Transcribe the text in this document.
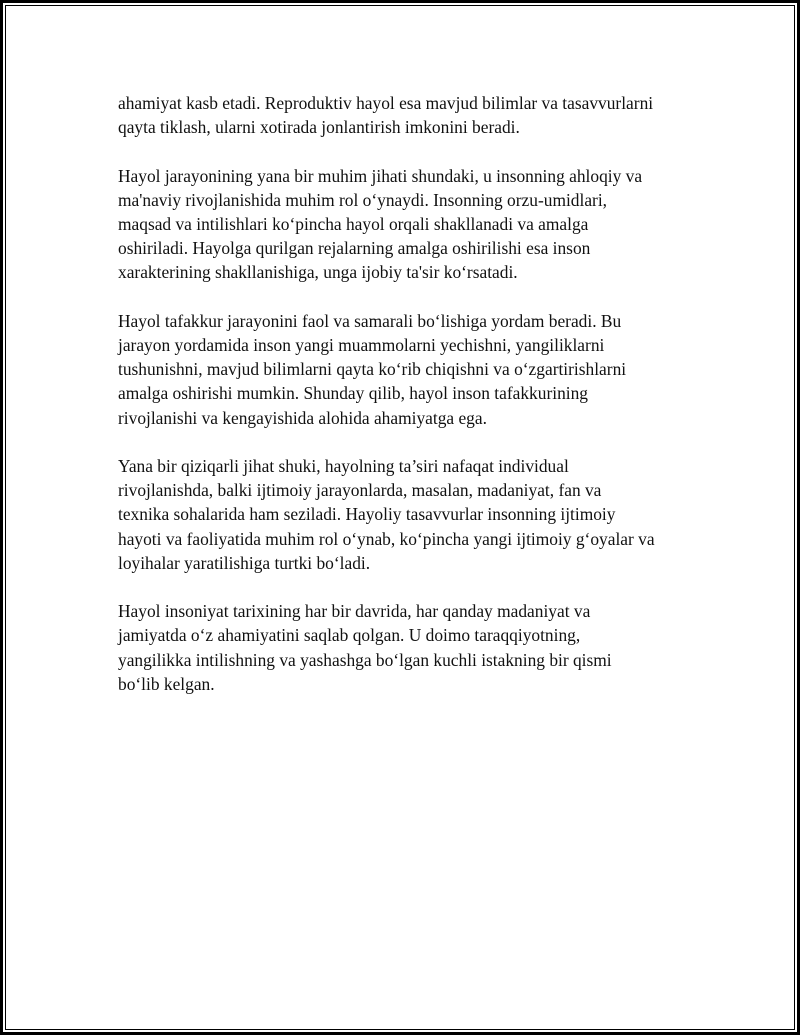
ahamiyat kasb etadi. Reproduktiv hayol esa mavjud bilimlar va tasavvurlarni
qayta tiklash, ularni xotirada jonlantirish imkonini beradi.

Hayol jarayonining yana bir muhim jihati shundaki, u insonning ahloqiy va
ma'naviy rivojlanishida muhim rol oʻynaydi. Insonning orzu-umidlari,
maqsad va intilishlari koʻpincha hayol orqali shakllanadi va amalga
oshiriladi. Hayolga qurilgan rejalarning amalga oshirilishi esa inson
xarakterining shakllanishiga, unga ijobiy ta'sir koʻrsatadi.

Hayol tafakkur jarayonini faol va samarali boʻlishiga yordam beradi. Bu
jarayon yordamida inson yangi muammolarni yechishni, yangiliklarni
tushunishni, mavjud bilimlarni qayta koʻrib chiqishni va oʻzgartirishlarni
amalga oshirishi mumkin. Shunday qilib, hayol inson tafakkurining
rivojlanishi va kengayishida alohida ahamiyatga ega.

Yana bir qiziqarli jihat shuki, hayolning ta’siri nafaqat individual
rivojlanishda, balki ijtimoiy jarayonlarda, masalan, madaniyat, fan va
texnika sohalarida ham seziladi. Hayoliy tasavvurlar insonning ijtimoiy
hayoti va faoliyatida muhim rol oʻynab, koʻpincha yangi ijtimoiy gʻoyalar va
loyihalar yaratilishiga turtki boʻladi.

Hayol insoniyat tarixining har bir davrida, har qanday madaniyat va
jamiyatda oʻz ahamiyatini saqlab qolgan. U doimo taraqqiyotning,
yangilikka intilishning va yashashga boʻlgan kuchli istakning bir qismi
boʻlib kelgan.
